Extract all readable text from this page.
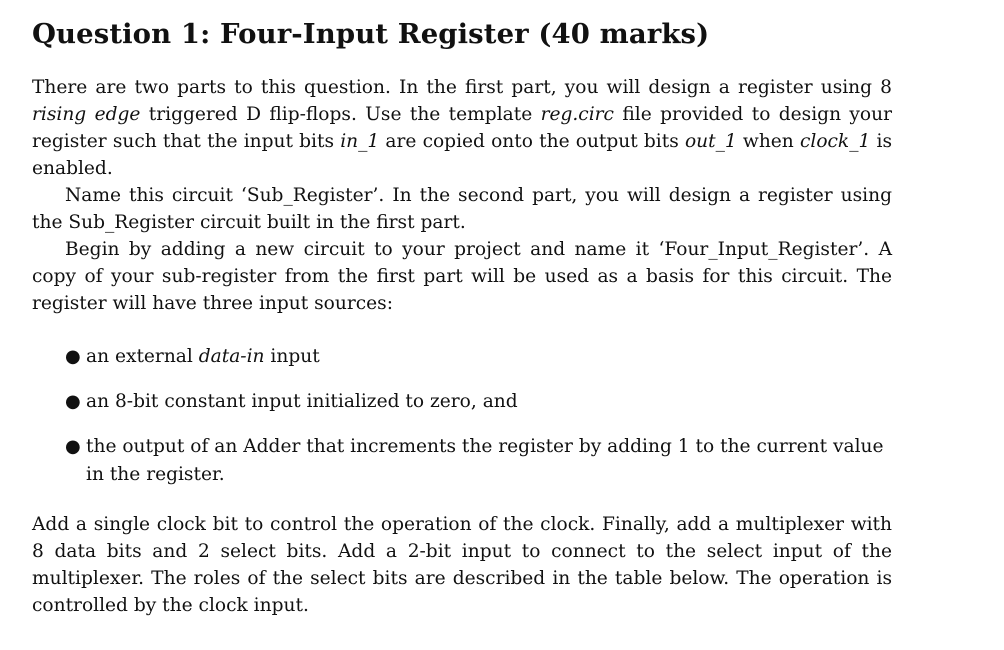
Question 1: Four-Input Register (40 marks)

There are two parts to this question. In the first part, you will design a register using 8 rising edge triggered D flip-flops. Use the template reg.circ file provided to design your register such that the input bits in_1 are copied onto the output bits out_1 when clock_1 is enabled.

Name this circuit ‘Sub_Register’. In the second part, you will design a register using the Sub_Register circuit built in the first part.

Begin by adding a new circuit to your project and name it ‘Four_Input_Register’. A copy of your sub-register from the first part will be used as a basis for this circuit. The register will have three input sources:

● an external data-in input
● an 8-bit constant input initialized to zero, and
● the output of an Adder that increments the register by adding 1 to the current value in the register.

Add a single clock bit to control the operation of the clock. Finally, add a multiplexer with 8 data bits and 2 select bits. Add a 2-bit input to connect to the select input of the multiplexer. The roles of the select bits are described in the table below. The operation is controlled by the clock input.
